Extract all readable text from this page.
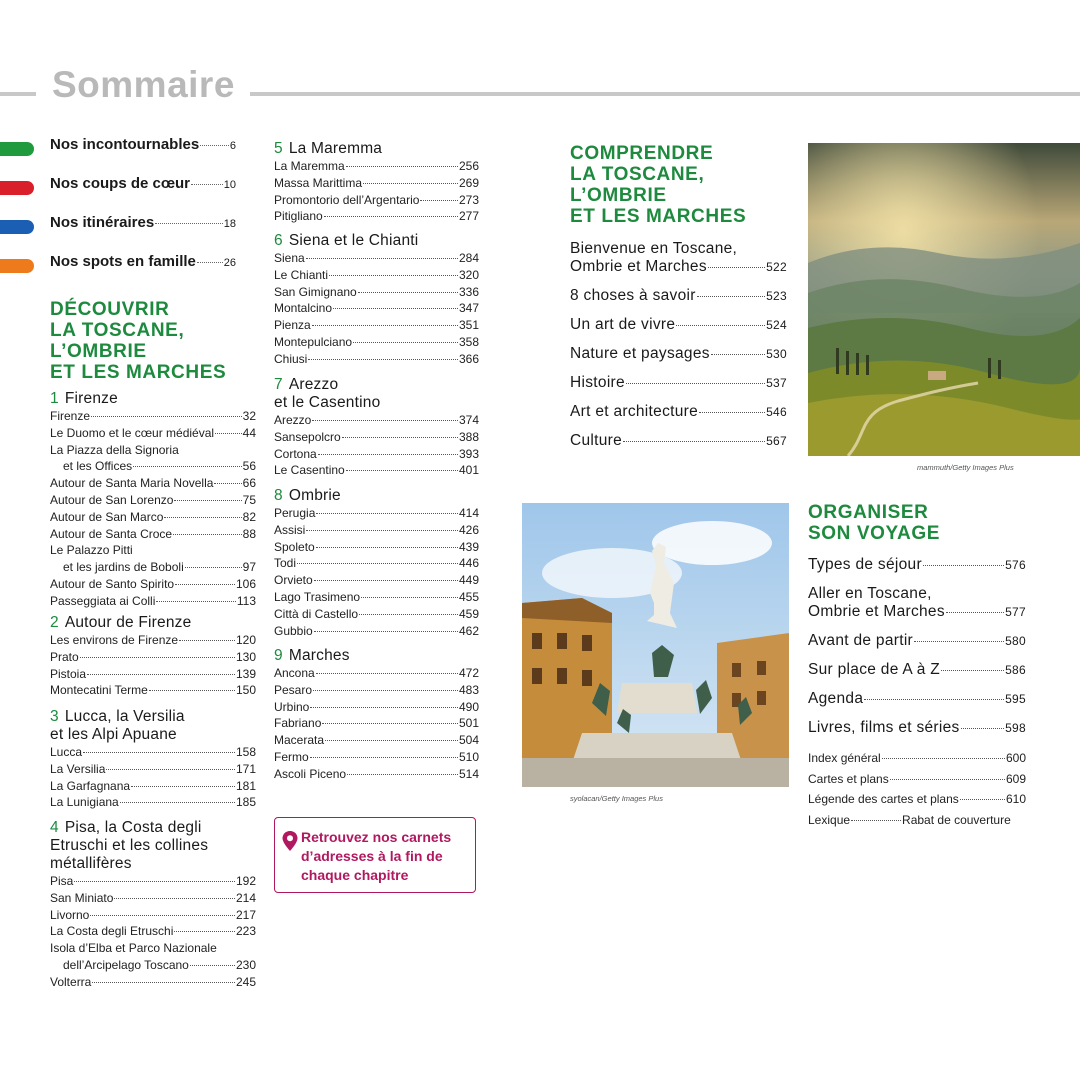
Sommaire
Nos incontournables	6
Nos coups de cœur	10
Nos itinéraires	18
Nos spots en famille	26
DÉCOUVRIR
LA TOSCANE,
L’OMBRIE
ET LES MARCHES
1 Firenze
Firenze	32
Le Duomo et le cœur médiéval 44
La Piazza della Signoria
et les Offices	56
Autour de Santa Maria Novella 66
Autour de San Lorenzo	75
Autour de San Marco	82
Autour de Santa Croce	88
Le Palazzo Pitti
et les jardins de Boboli	97
Autour de Santo Spirito	106
Passeggiata ai Colli	113
2 Autour de Firenze
Les environs de Firenze	120
Prato	130
Pistoia	139
Montecatini Terme	150
3 Lucca, la Versilia
et les Alpi Apuane
Lucca	158
La Versilia	171
La Garfagnana	181
La Lunigiana	185
4 Pisa, la Costa degli
Etruschi et les collines
métallifères
Pisa	192
San Miniato	214
Livorno	217
La Costa degli Etruschi	223
Isola d’Elba et Parco Nazionale
dell’Arcipelago Toscano	230
Volterra	245
5 La Maremma
La Maremma	256
Massa Marittima	269
Promontorio dell’Argentario	273
Pitigliano	277
6 Siena et le Chianti
Siena	284
Le Chianti	320
San Gimignano	336
Montalcino	347
Pienza	351
Montepulciano	358
Chiusi	366
7 Arezzo
et le Casentino
Arezzo	374
Sansepolcro	388
Cortona	393
Le Casentino	401
8 Ombrie
Perugia	414
Assisi	426
Spoleto	439
Todi	446
Orvieto	449
Lago Trasimeno	455
Città di Castello	459
Gubbio	462
9 Marches
Ancona	472
Pesaro	483
Urbino	490
Fabriano	501
Macerata	504
Fermo	510
Ascoli Piceno	514
Retrouvez nos carnets d’adresses à la fin de chaque chapitre
COMPRENDRE
LA TOSCANE,
L’OMBRIE
ET LES MARCHES
Bienvenue en Toscane,
Ombrie et Marches	522
8 choses à savoir	523
Un art de vivre	524
Nature et paysages	530
Histoire	537
Art et architecture	546
Culture	567
mammuth/Getty Images Plus
syolacan/Getty Images Plus
ORGANISER
SON VOYAGE
Types de séjour	576
Aller en Toscane,
Ombrie et Marches	577
Avant de partir	580
Sur place de A à Z	586
Agenda	595
Livres, films et séries	598
Index général	600
Cartes et plans	609
Légende des cartes et plans	610
Lexique	Rabat de couverture
